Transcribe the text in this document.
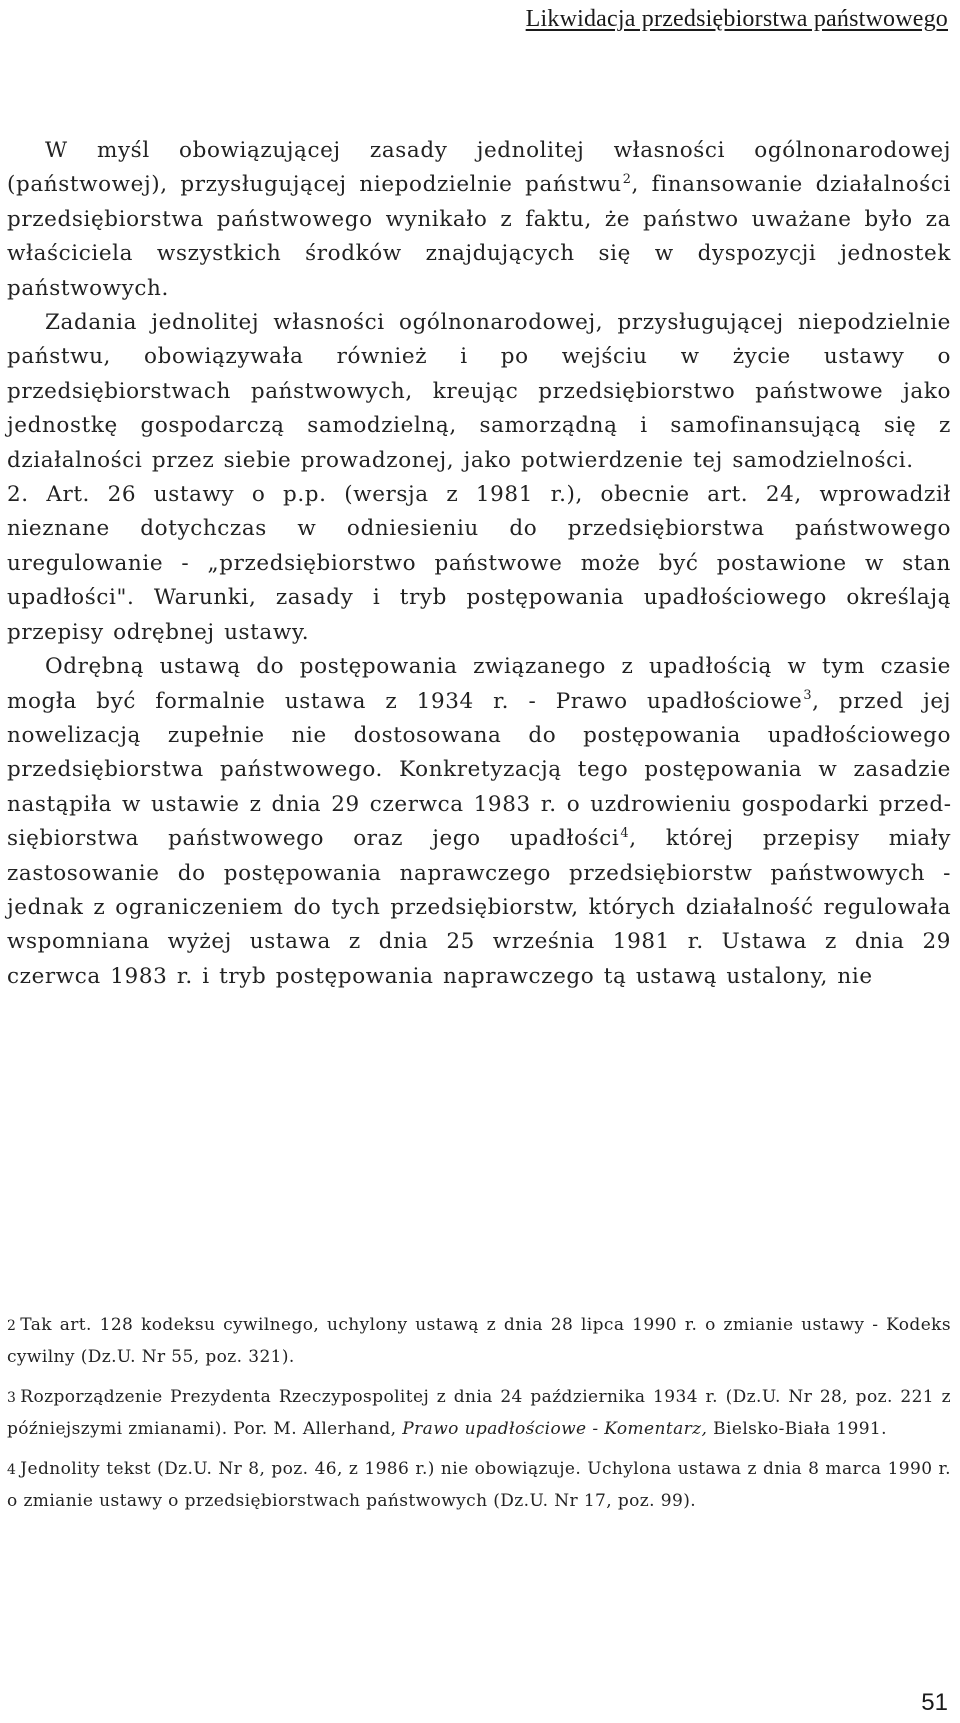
Likwidacja przedsiębiorstwa państwowego

W myśl obowiązującej zasady jednolitej własności ogólnonarodowej (państwowej), przysługującej niepodzielnie państwu$^2$, finansowanie działalności przedsiębiorstwa państwowego wynikało z faktu, że państwo uważane było za właściciela wszystkich środków znajdujących się w dyspozycji jednostek państwowych.

Zadania jednolitej własności ogólnonarodowej, przysługującej niepodzielnie państwu, obowiązywała również i po wejściu w życie ustawy o przedsiębiorstwach państwowych, kreując przedsiębiorstwo państwowe jako jednostkę gospodarczą samodzielną, samorządną i samofinansującą się z działalności przez siebie prowadzonej, jako potwierdzenie tej samodzielności.

2. Art. 26 ustawy o p.p. (wersja z 1981 r.), obecnie art. 24, wprowadził nieznane dotychczas w odniesieniu do przedsiębiorstwa państwowego uregulowanie - „przedsiębiorstwo państwowe może być postawione w stan upadłości". Warunki, zasady i tryb postępowania upadłościowego określają przepisy odrębnej ustawy.

Odrębną ustawą do postępowania związanego z upadłością w tym czasie mogła być formalnie ustawa z 1934 r. - Prawo upadłościowe$^3$, przed jej nowelizacją zupełnie nie dostosowana do postępowania upadłościowego przedsiębiorstwa państwowego. Konkretyzacją tego postępowania w zasadzie nastąpiła w ustawie z dnia 29 czerwca 1983 r. o uzdrowieniu gospodarki przedsiębiorstwa państwowego oraz jego upadłości$^4$, której przepisy miały zastosowanie do postępowania naprawczego przedsiębiorstw państwowych - jednak z ograniczeniem do tych przedsiębiorstw, których działalność regulowała wspomniana wyżej ustawa z dnia 25 września 1981 r. Ustawa z dnia 29 czerwca 1983 r. i tryb postępowania naprawczego tą ustawą ustalony, nie

2 Tak art. 128 kodeksu cywilnego, uchylony ustawą z dnia 28 lipca 1990 r. o zmianie ustawy - Kodeks cywilny (Dz.U. Nr 55, poz. 321).

3 Rozporządzenie Prezydenta Rzeczypospolitej z dnia 24 października 1934 r. (Dz.U. Nr 28, poz. 221 z późniejszymi zmianami). Por. M. Allerhand, Prawo upadłościowe - Komentarz, Bielsko-Biała 1991.

4 Jednolity tekst (Dz.U. Nr 8, poz. 46, z 1986 r.) nie obowiązuje. Uchylona ustawa z dnia 8 marca 1990 r. o zmianie ustawy o przedsiębiorstwach państwowych (Dz.U. Nr 17, poz. 99).

51
